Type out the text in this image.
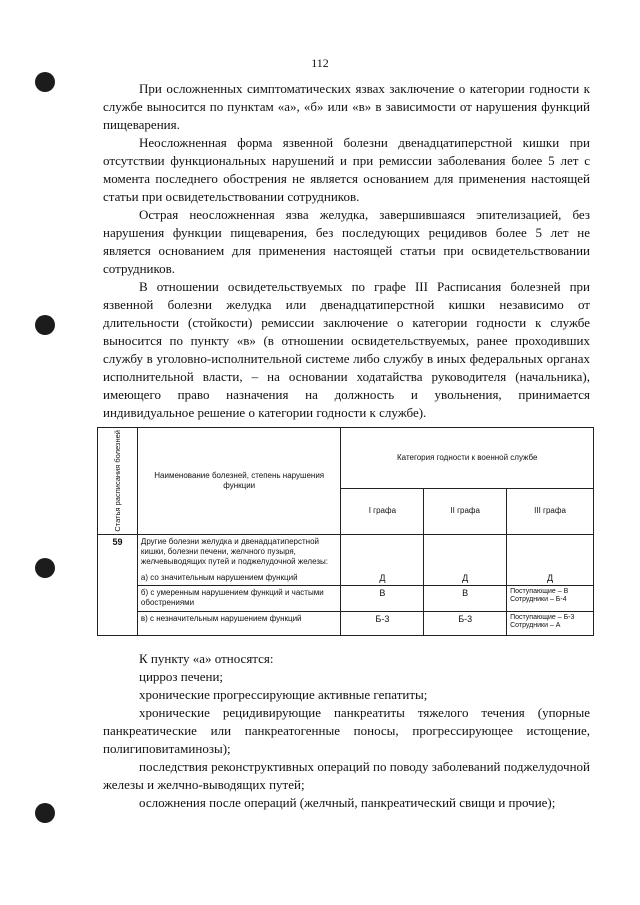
112

При осложненных симптоматических язвах заключение о категории годности к службе выносится по пунктам «а», «б» или «в» в зависимости от нарушения функций пищеварения.

Неосложненная форма язвенной болезни двенадцатиперстной кишки при отсутствии функциональных нарушений и при ремиссии заболевания более 5 лет с момента последнего обострения не является основанием для применения настоящей статьи при освидетельствовании сотрудников.

Острая неосложненная язва желудка, завершившаяся эпителизацией, без нарушения функции пищеварения, без последующих рецидивов более 5 лет не является основанием для применения настоящей статьи при освидетельствовании сотрудников.

В отношении освидетельствуемых по графе III Расписания болезней при язвенной болезни желудка или двенадцатиперстной кишки независимо от длительности (стойкости) ремиссии заключение о категории годности к службе выносится по пункту «в» (в отношении освидетельствуемых, ранее проходивших службу в уголовно-исполнительной системе либо службу в иных федеральных органах исполнительной власти, – на основании ходатайства руководителя (начальника), имеющего право назначения на должность и увольнения, принимается индивидуальное решение о категории годности к службе).

Статья расписания болезней	Наименование болезней, степень нарушения функции	Категория годности к военной службе		
		I графа	II графа	III графа
59	Другие болезни желудка и двенадцатиперстной кишки, болезни печени, желчного пузыря, желчевыводящих путей и поджелудочной железы:
а) со значительным нарушением функций	Д	Д	Д
	б) с умеренным нарушением функций и частыми обострениями	В	В	Поступающие – В
Сотрудники – Б-4

	в) с незначительным нарушением функций	Б-3	Б-3	Поступающие – Б-3
Сотрудники – А

К пункту «а» относятся:

цирроз печени;

хронические прогрессирующие активные гепатиты;

хронические рецидивирующие панкреатиты тяжелого течения (упорные панкреатические или панкреатогенные поносы, прогрессирующее истощение, полигиповитаминозы);

последствия реконструктивных операций по поводу заболеваний поджелудочной железы и желчно-выводящих путей;

осложнения после операций (желчный, панкреатический свищи и прочие);
